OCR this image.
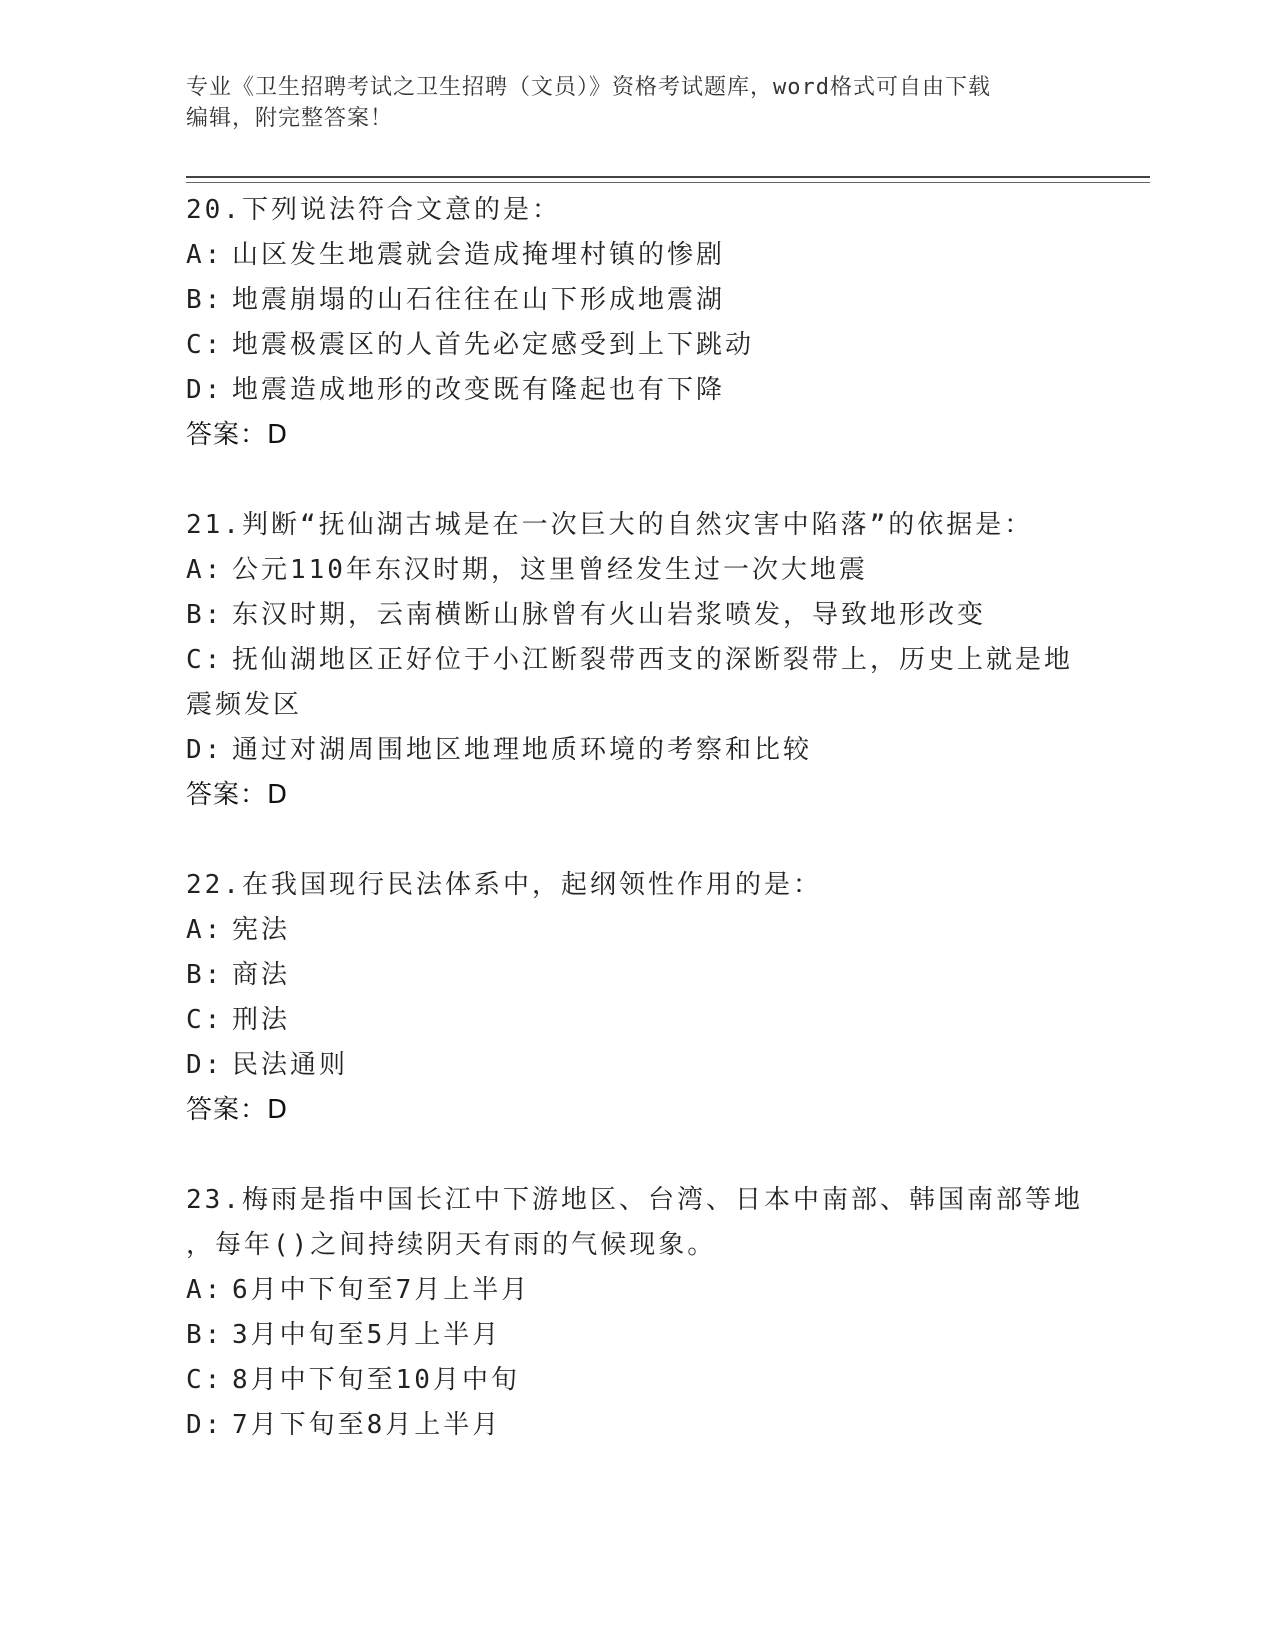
专业《卫生招聘考试之卫生招聘（文员）》资格考试题库，word格式可自由下载
编辑，附完整答案！
20.下列说法符合文意的是：
A: 山区发生地震就会造成掩埋村镇的惨剧
B: 地震崩塌的山石往往在山下形成地震湖
C: 地震极震区的人首先必定感受到上下跳动
D: 地震造成地形的改变既有隆起也有下降
答案：D
21.判断“抚仙湖古城是在一次巨大的自然灾害中陷落”的依据是：
A: 公元110年东汉时期，这里曾经发生过一次大地震
B: 东汉时期，云南横断山脉曾有火山岩浆喷发，导致地形改变
C: 抚仙湖地区正好位于小江断裂带西支的深断裂带上，历史上就是地
震频发区
D: 通过对湖周围地区地理地质环境的考察和比较
答案：D
22.在我国现行民法体系中，起纲领性作用的是：
A: 宪法
B: 商法
C: 刑法
D: 民法通则
答案：D
23.梅雨是指中国长江中下游地区、台湾、日本中南部、韩国南部等地
，每年()之间持续阴天有雨的气候现象。
A: 6月中下旬至7月上半月
B: 3月中旬至5月上半月
C: 8月中下旬至10月中旬
D: 7月下旬至8月上半月
